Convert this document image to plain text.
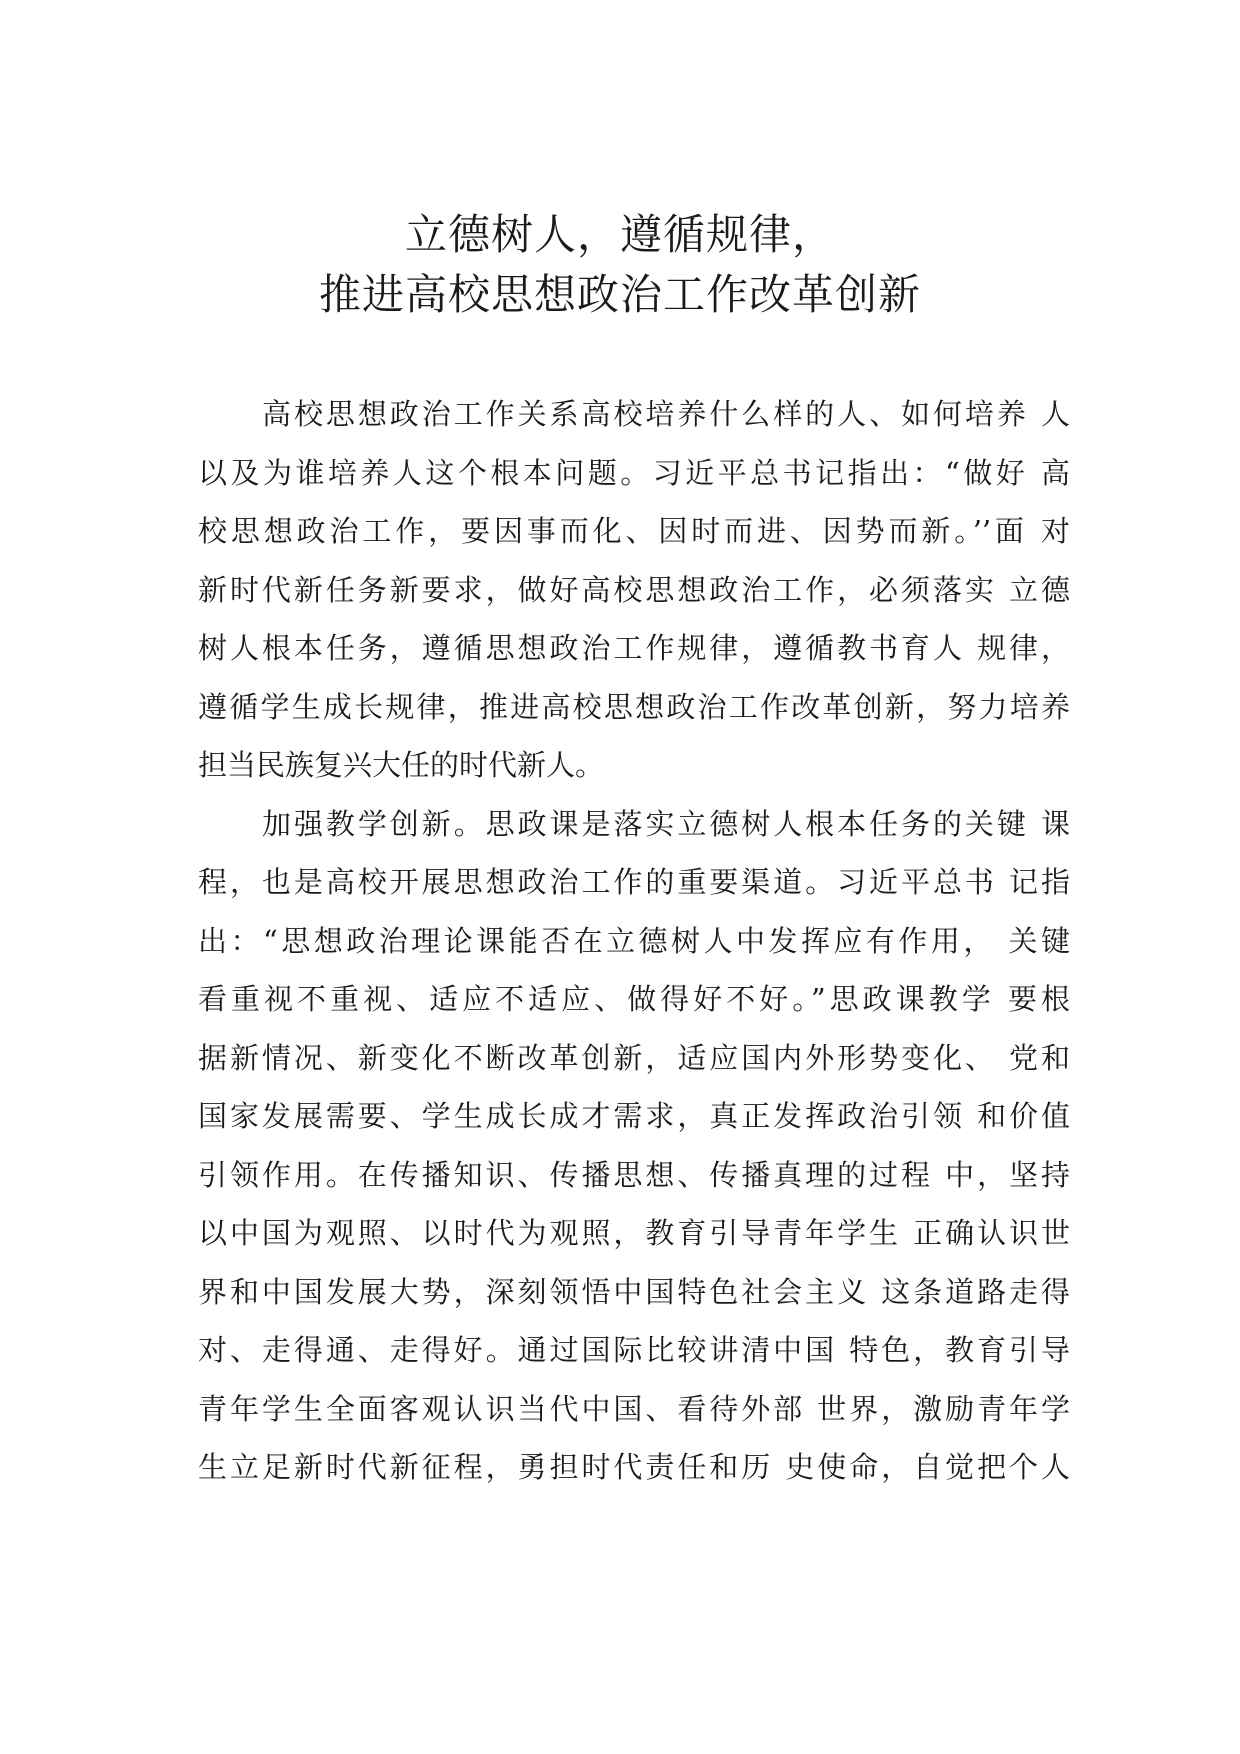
立德树人，遵循规律，
推进高校思想政治工作改革创新
高校思想政治工作关系高校培养什么样的人、如何培养 人
以及为谁培养人这个根本问题。习近平总书记指出：“做好 高
校思想政治工作，要因事而化、因时而进、因势而新。’’面 对
新时代新任务新要求，做好高校思想政治工作，必须落实 立德
树人根本任务，遵循思想政治工作规律，遵循教书育人 规律，
遵循学生成长规律，推进高校思想政治工作改革创新，努力培养
担当民族复兴大任的时代新人。
加强教学创新。思政课是落实立德树人根本任务的关键 课
程，也是高校开展思想政治工作的重要渠道。习近平总书 记指
出：“思想政治理论课能否在立德树人中发挥应有作用， 关键
看重视不重视、适应不适应、做得好不好。”思政课教学 要根
据新情况、新变化不断改革创新，适应国内外形势变化、 党和
国家发展需要、学生成长成才需求，真正发挥政治引领 和价值
引领作用。在传播知识、传播思想、传播真理的过程 中，坚持
以中国为观照、以时代为观照，教育引导青年学生 正确认识世
界和中国发展大势，深刻领悟中国特色社会主义 这条道路走得
对、走得通、走得好。通过国际比较讲清中国 特色，教育引导
青年学生全面客观认识当代中国、看待外部 世界，激励青年学
生立足新时代新征程，勇担时代责任和历 史使命，自觉把个人
